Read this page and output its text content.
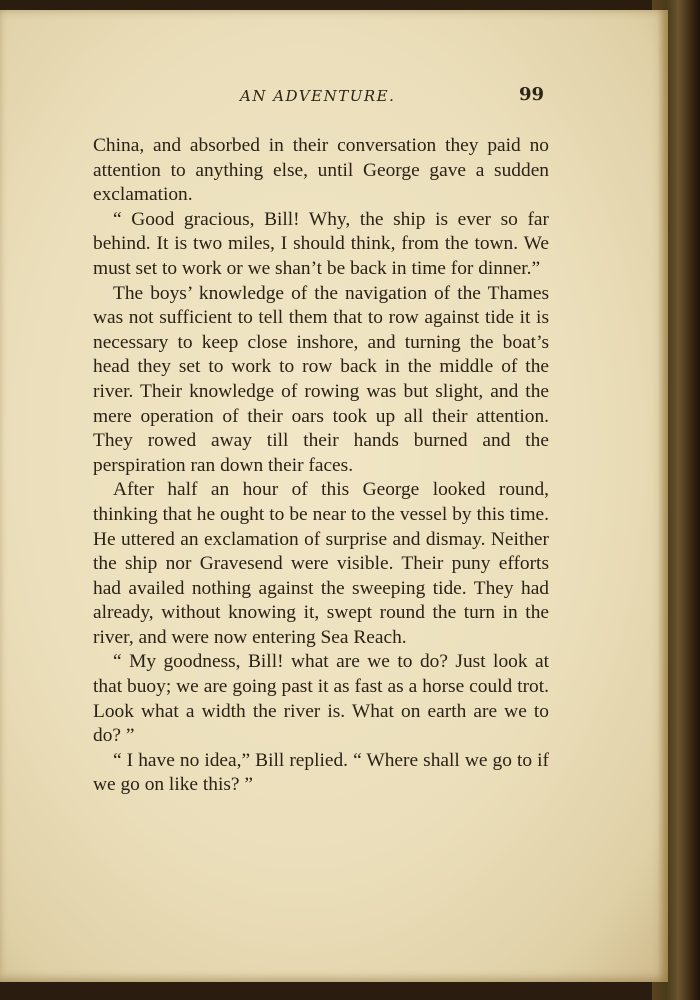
AN ADVENTURE.	99

China, and absorbed in their conversation they paid no attention to anything else, until George gave a sudden exclamation.

“ Good gracious, Bill! Why, the ship is ever so far behind. It is two miles, I should think, from the town. We must set to work or we shan’t be back in time for dinner.”

The boys’ knowledge of the navigation of the Thames was not sufficient to tell them that to row against tide it is necessary to keep close inshore, and turning the boat’s head they set to work to row back in the middle of the river. Their knowledge of rowing was but slight, and the mere operation of their oars took up all their attention. They rowed away till their hands burned and the perspiration ran down their faces.

After half an hour of this George looked round, thinking that he ought to be near to the vessel by this time. He uttered an exclamation of surprise and dismay. Neither the ship nor Gravesend were visible. Their puny efforts had availed nothing against the sweeping tide. They had already, without knowing it, swept round the turn in the river, and were now entering Sea Reach.

“ My goodness, Bill! what are we to do? Just look at that buoy; we are going past it as fast as a horse could trot. Look what a width the river is. What on earth are we to do? ”

“ I have no idea,” Bill replied. “ Where shall we go to if we go on like this? ”
